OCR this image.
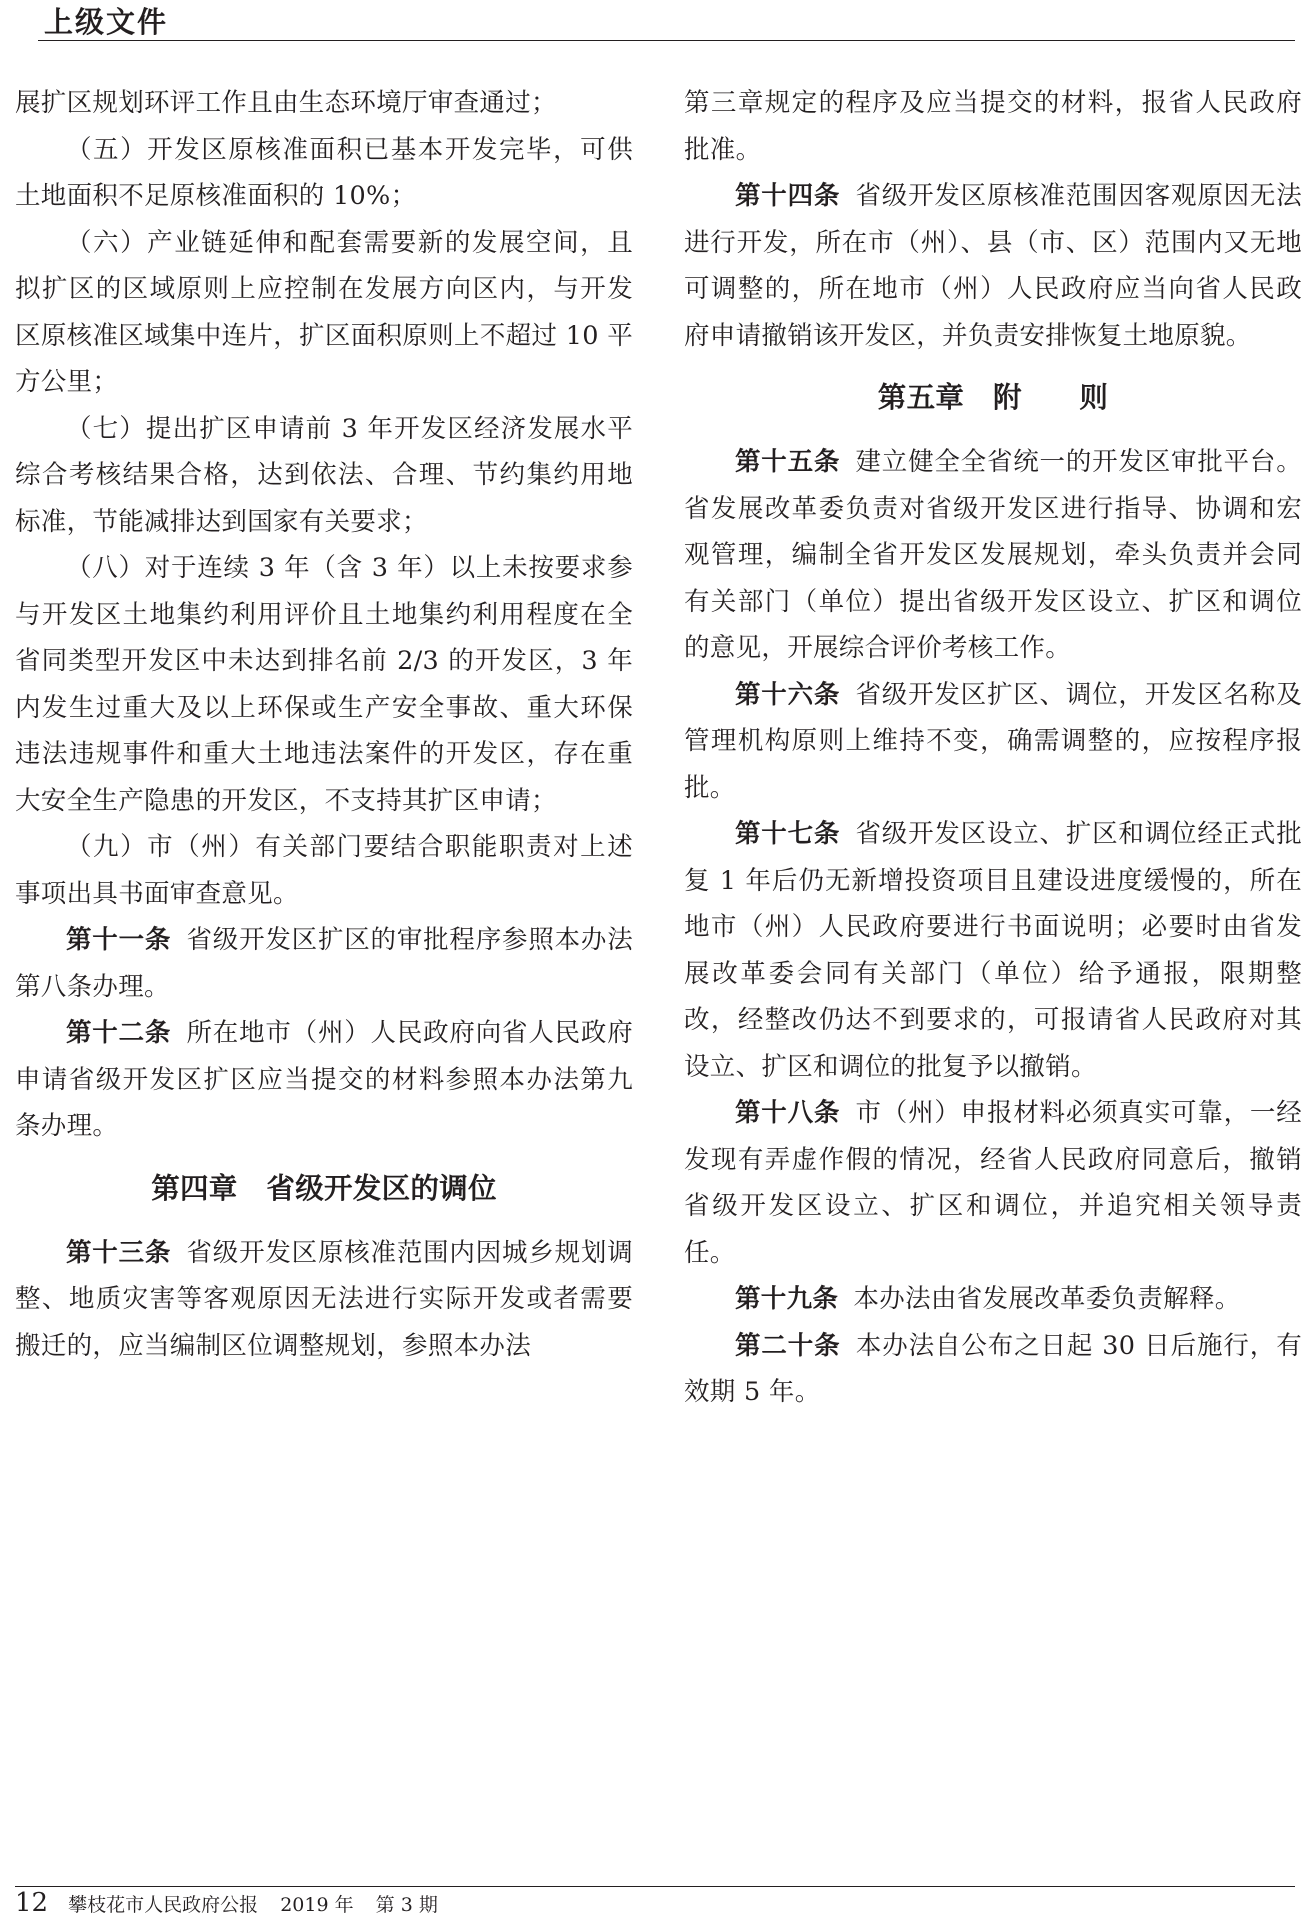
上级文件

展扩区规划环评工作且由生态环境厅审查通过；

（五）开发区原核准面积已基本开发完毕，可供土地面积不足原核准面积的 10%；

（六）产业链延伸和配套需要新的发展空间，且拟扩区的区域原则上应控制在发展方向区内，与开发区原核准区域集中连片，扩区面积原则上不超过 10 平方公里；

（七）提出扩区申请前 3 年开发区经济发展水平综合考核结果合格，达到依法、合理、节约集约用地标准，节能减排达到国家有关要求；

（八）对于连续 3 年（含 3 年）以上未按要求参与开发区土地集约利用评价且土地集约利用程度在全省同类型开发区中未达到排名前 2/3 的开发区，3 年内发生过重大及以上环保或生产安全事故、重大环保违法违规事件和重大土地违法案件的开发区，存在重大安全生产隐患的开发区，不支持其扩区申请；

（九）市（州）有关部门要结合职能职责对上述事项出具书面审查意见。

第十一条 省级开发区扩区的审批程序参照本办法第八条办理。

第十二条 所在地市（州）人民政府向省人民政府申请省级开发区扩区应当提交的材料参照本办法第九条办理。

第四章　省级开发区的调位

第十三条 省级开发区原核准范围内因城乡规划调整、地质灾害等客观原因无法进行实际开发或者需要搬迁的，应当编制区位调整规划，参照本办法

第三章规定的程序及应当提交的材料，报省人民政府批准。

第十四条 省级开发区原核准范围因客观原因无法进行开发，所在市（州）、县（市、区）范围内又无地可调整的，所在地市（州）人民政府应当向省人民政府申请撤销该开发区，并负责安排恢复土地原貌。

第五章　附　　则

第十五条 建立健全全省统一的开发区审批平台。省发展改革委负责对省级开发区进行指导、协调和宏观管理，编制全省开发区发展规划，牵头负责并会同有关部门（单位）提出省级开发区设立、扩区和调位的意见，开展综合评价考核工作。

第十六条 省级开发区扩区、调位，开发区名称及管理机构原则上维持不变，确需调整的，应按程序报批。

第十七条 省级开发区设立、扩区和调位经正式批复 1 年后仍无新增投资项目且建设进度缓慢的，所在地市（州）人民政府要进行书面说明；必要时由省发展改革委会同有关部门（单位）给予通报，限期整改，经整改仍达不到要求的，可报请省人民政府对其设立、扩区和调位的批复予以撤销。

第十八条 市（州）申报材料必须真实可靠，一经发现有弄虚作假的情况，经省人民政府同意后，撤销省级开发区设立、扩区和调位，并追究相关领导责任。

第十九条 本办法由省发展改革委负责解释。

第二十条 本办法自公布之日起 30 日后施行，有效期 5 年。

12 攀枝花市人民政府公报 2019 年 第 3 期
